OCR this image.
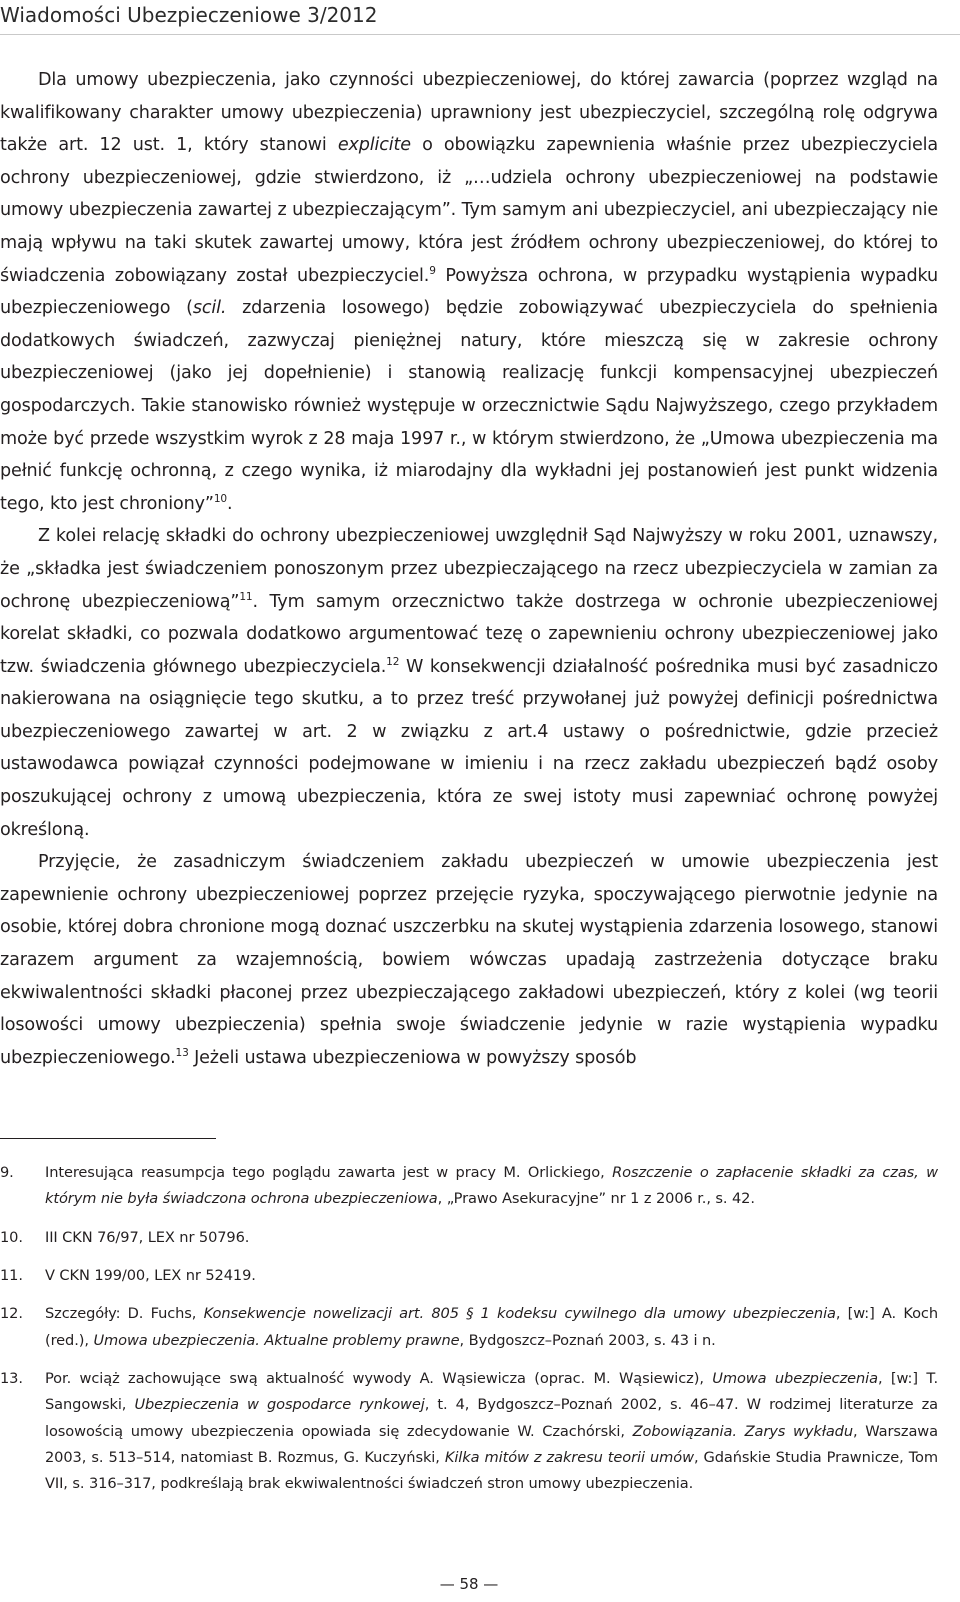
Wiadomości Ubezpieczeniowe 3/2012

Dla umowy ubezpieczenia, jako czynności ubezpieczeniowej, do której zawarcia (poprzez wzgląd na kwalifikowany charakter umowy ubezpieczenia) uprawniony jest ubezpieczyciel, szczególną rolę odgrywa także art. 12 ust. 1, który stanowi explicite o obowiązku zapewnienia właśnie przez ubezpieczyciela ochrony ubezpieczeniowej, gdzie stwierdzono, iż „…udziela ochrony ubezpieczeniowej na podstawie umowy ubezpieczenia zawartej z ubezpieczającym”. Tym samym ani ubezpieczyciel, ani ubezpieczający nie mają wpływu na taki skutek zawartej umowy, która jest źródłem ochrony ubezpieczeniowej, do której to świadczenia zobowiązany został ubezpieczyciel.$^9$ Powyższa ochrona, w przypadku wystąpienia wypadku ubezpieczeniowego (scil. zdarzenia losowego) będzie zobowiązywać ubezpieczyciela do spełnienia dodatkowych świadczeń, zazwyczaj pieniężnej natury, które mieszczą się w zakresie ochrony ubezpieczeniowej (jako jej dopełnienie) i stanowią realizację funkcji kompensacyjnej ubezpieczeń gospodarczych. Takie stanowisko również występuje w orzecznictwie Sądu Najwyższego, czego przykładem może być przede wszystkim wyrok z 28 maja 1997 r., w którym stwierdzono, że „Umowa ubezpieczenia ma pełnić funkcję ochronną, z czego wynika, iż miarodajny dla wykładni jej postanowień jest punkt widzenia tego, kto jest chroniony”$^{10}$.

Z kolei relację składki do ochrony ubezpieczeniowej uwzględnił Sąd Najwyższy w roku 2001, uznawszy, że „składka jest świadczeniem ponoszonym przez ubezpieczającego na rzecz ubezpieczyciela w zamian za ochronę ubezpieczeniową”$^{11}$. Tym samym orzecznictwo także dostrzega w ochronie ubezpieczeniowej korelat składki, co pozwala dodatkowo argumentować tezę o zapewnieniu ochrony ubezpieczeniowej jako tzw. świadczenia głównego ubezpieczyciela.$^{12}$ W konsekwencji działalność pośrednika musi być zasadniczo nakierowana na osiągnięcie tego skutku, a to przez treść przywołanej już powyżej definicji pośrednictwa ubezpieczeniowego zawartej w art. 2 w związku z art.4 ustawy o pośrednictwie, gdzie przecież ustawodawca powiązał czynności podejmowane w imieniu i na rzecz zakładu ubezpieczeń bądź osoby poszukującej ochrony z umową ubezpieczenia, która ze swej istoty musi zapewniać ochronę powyżej określoną.

Przyjęcie, że zasadniczym świadczeniem zakładu ubezpieczeń w umowie ubezpieczenia jest zapewnienie ochrony ubezpieczeniowej poprzez przejęcie ryzyka, spoczywającego pierwotnie jedynie na osobie, której dobra chronione mogą doznać uszczerbku na skutej wystąpienia zdarzenia losowego, stanowi zarazem argument za wzajemnością, bowiem wówczas upadają zastrzeżenia dotyczące braku ekwiwalentności składki płaconej przez ubezpieczającego zakładowi ubezpieczeń, który z kolei (wg teorii losowości umowy ubezpieczenia) spełnia swoje świadczenie jedynie w razie wystąpienia wypadku ubezpieczeniowego.$^{13}$ Jeżeli ustawa ubezpieczeniowa w powyższy sposób

9.	Interesująca reasumpcja tego poglądu zawarta jest w pracy M. Orlickiego, Roszczenie o zapłacenie składki za czas, w którym nie była świadczona ochrona ubezpieczeniowa, „Prawo Asekuracyjne” nr 1 z 2006 r., s. 42.
10.	III CKN 76/97, LEX nr 50796.
11.	V CKN 199/00, LEX nr 52419.
12.	Szczegóły: D. Fuchs, Konsekwencje nowelizacji art. 805 § 1 kodeksu cywilnego dla umowy ubezpieczenia, [w:] A. Koch (red.), Umowa ubezpieczenia. Aktualne problemy prawne, Bydgoszcz–Poznań 2003, s. 43 i n.
13.	Por. wciąż zachowujące swą aktualność wywody A. Wąsiewicza (oprac. M. Wąsiewicz), Umowa ubezpieczenia, [w:] T. Sangowski, Ubezpieczenia w gospodarce rynkowej, t. 4, Bydgoszcz–Poznań 2002, s. 46–47. W rodzimej literaturze za losowością umowy ubezpieczenia opowiada się zdecydowanie W. Czachórski, Zobowiązania. Zarys wykładu, Warszawa 2003, s. 513–514, natomiast B. Rozmus, G. Kuczyński, Kilka mitów z zakresu teorii umów, Gdańskie Studia Prawnicze, Tom VII, s. 316–317, podkreślają brak ekwiwalentności świadczeń stron umowy ubezpieczenia.
— 58 —
